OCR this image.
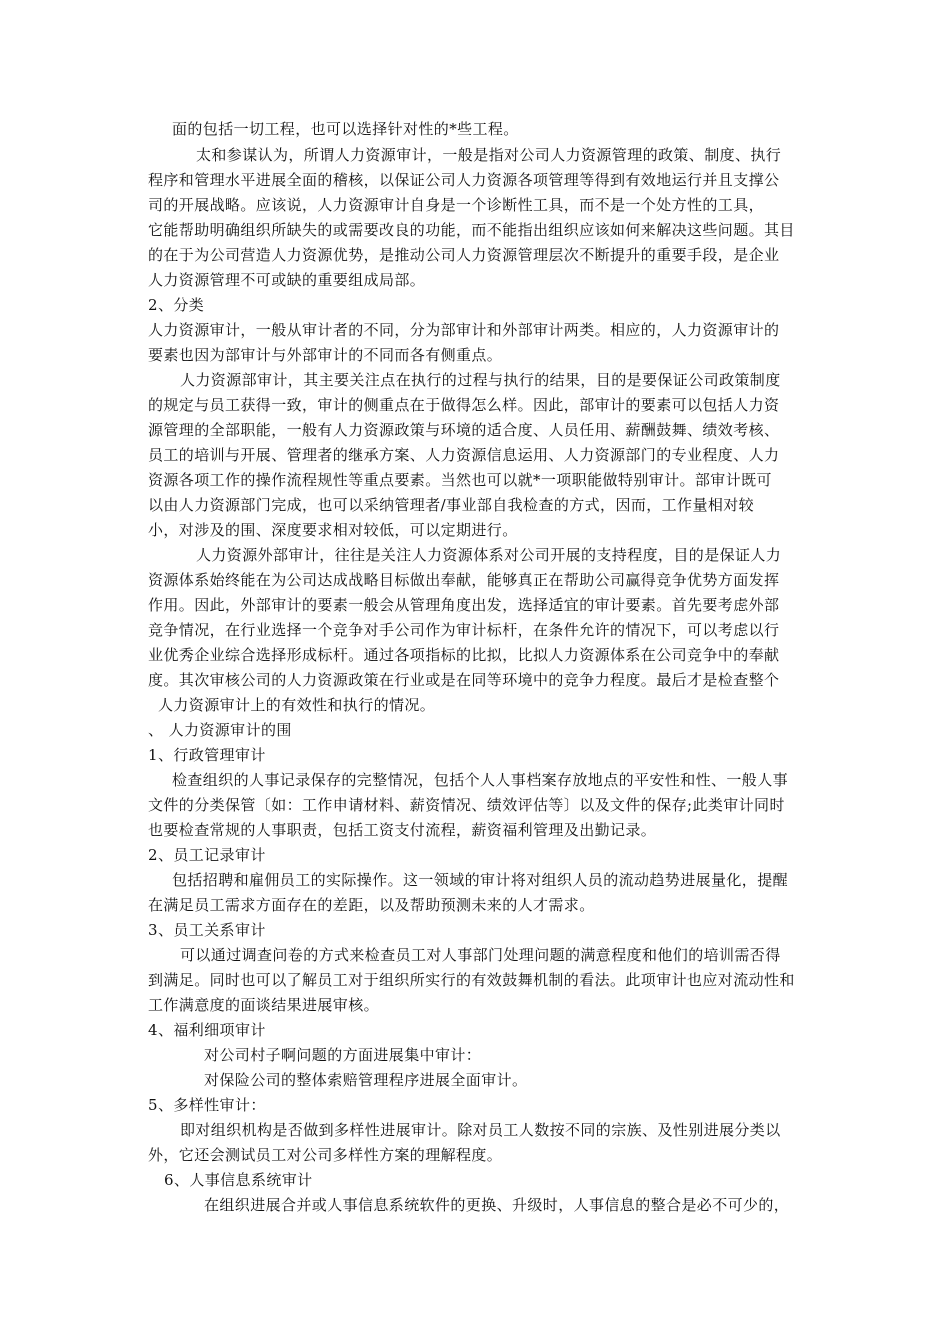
面的包括一切工程，也可以选择针对性的*些工程。
太和参谋认为，所谓人力资源审计，一般是指对公司人力资源管理的政策、制度、执行
程序和管理水平进展全面的稽核，以保证公司人力资源各项管理等得到有效地运行并且支撑公
司的开展战略。应该说，人力资源审计自身是一个诊断性工具，而不是一个处方性的工具，
它能帮助明确组织所缺失的或需要改良的功能，而不能指出组织应该如何来解决这些问题。其目
的在于为公司营造人力资源优势，是推动公司人力资源管理层次不断提升的重要手段，是企业
人力资源管理不可或缺的重要组成局部。
2、分类
人力资源审计，一般从审计者的不同，分为部审计和外部审计两类。相应的，人力资源审计的
要素也因为部审计与外部审计的不同而各有侧重点。
人力资源部审计，其主要关注点在执行的过程与执行的结果，目的是要保证公司政策制度
的规定与员工获得一致，审计的侧重点在于做得怎么样。因此，部审计的要素可以包括人力资
源管理的全部职能，一般有人力资源政策与环境的适合度、人员任用、薪酬鼓舞、绩效考核、
员工的培训与开展、管理者的继承方案、人力资源信息运用、人力资源部门的专业程度、人力
资源各项工作的操作流程规性等重点要素。当然也可以就*一项职能做特别审计。部审计既可
以由人力资源部门完成，也可以采纳管理者/事业部自我检查的方式，因而，工作量相对较
小，对涉及的围、深度要求相对较低，可以定期进行。
人力资源外部审计，往往是关注人力资源体系对公司开展的支持程度，目的是保证人力
资源体系始终能在为公司达成战略目标做出奉献，能够真正在帮助公司赢得竞争优势方面发挥
作用。因此，外部审计的要素一般会从管理角度出发，选择适宜的审计要素。首先要考虑外部
竞争情况，在行业选择一个竞争对手公司作为审计标杆，在条件允许的情况下，可以考虑以行
业优秀企业综合选择形成标杆。通过各项指标的比拟，比拟人力资源体系在公司竞争中的奉献
度。其次审核公司的人力资源政策在行业或是在同等环境中的竞争力程度。最后才是检查整个
人力资源审计上的有效性和执行的情况。
、 人力资源审计的围
1、行政管理审计
检查组织的人事记录保存的完整情况，包括个人人事档案存放地点的平安性和性、一般人事
文件的分类保管〔如：工作申请材料、薪资情况、绩效评估等〕以及文件的保存;此类审计同时
也要检查常规的人事职责，包括工资支付流程，薪资福利管理及出勤记录。
2、员工记录审计
包括招聘和雇佣员工的实际操作。这一领域的审计将对组织人员的流动趋势进展量化，提醒
在满足员工需求方面存在的差距，以及帮助预测未来的人才需求。
3、员工关系审计
可以通过调查问卷的方式来检查员工对人事部门处理问题的满意程度和他们的培训需否得
到满足。同时也可以了解员工对于组织所实行的有效鼓舞机制的看法。此项审计也应对流动性和
工作满意度的面谈结果进展审核。
4、福利细项审计
对公司村子啊问题的方面进展集中审计：
对保险公司的整体索赔管理程序进展全面审计。
5、多样性审计：
即对组织机构是否做到多样性进展审计。除对员工人数按不同的宗族、及性别进展分类以
外，它还会测试员工对公司多样性方案的理解程度。
6、人事信息系统审计
在组织进展合并或人事信息系统软件的更换、升级时，人事信息的整合是必不可少的，
